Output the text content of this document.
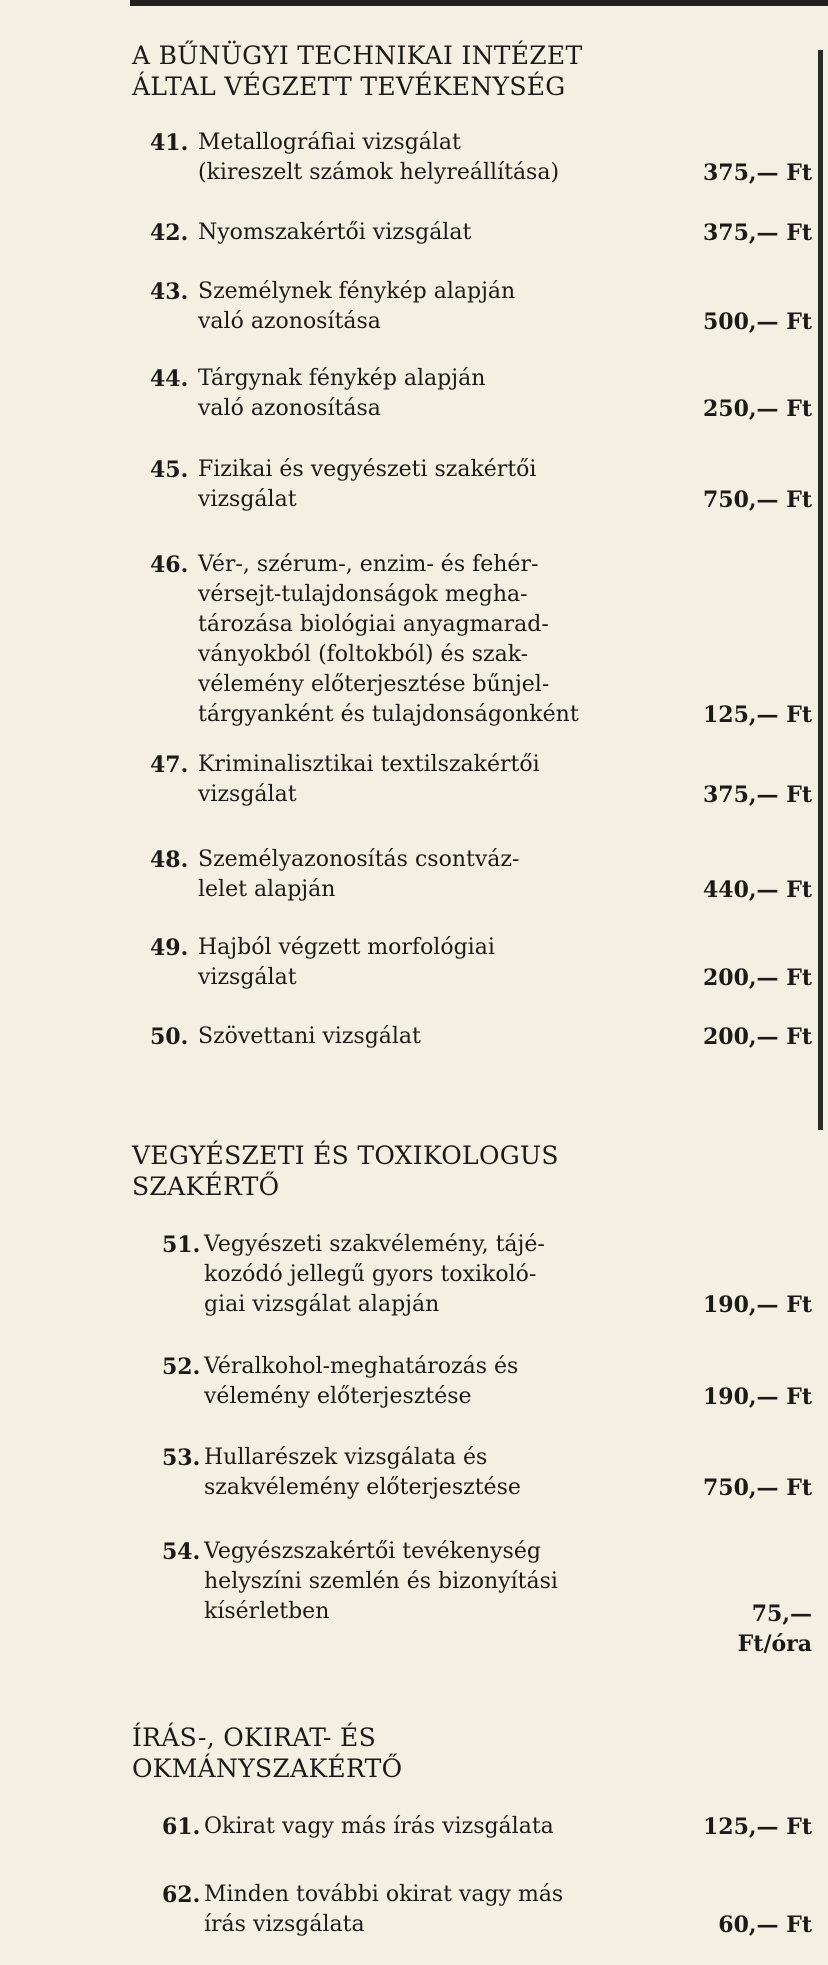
A BŰNÜGYI TECHNIKAI INTÉZET
ÁLTAL VÉGZETT TEVÉKENYSÉG
41. Metallográfiai vizsgálat
(kireszelt számok helyreállítása)	375,— Ft
42. Nyomszakértői vizsgálat	375,— Ft
43. Személynek fénykép alapján
való azonosítása	500,— Ft
44. Tárgynak fénykép alapján
való azonosítása	250,— Ft
45. Fizikai és vegyészeti szakértői
vizsgálat	750,— Ft
46. Vér-, szérum-, enzim- és fehér-
vérsejt-tulajdonságok megha-
tározása biológiai anyagmarad-
ványokból (foltokból) és szak-
vélemény előterjesztése bűnjel-
tárgyanként és tulajdonságonként	125,— Ft
47. Kriminalisztikai textilszakértői
vizsgálat	375,— Ft
48. Személyazonosítás csontváz-
lelet alapján	440,— Ft
49. Hajból végzett morfológiai
vizsgálat	200,— Ft
50. Szövettani vizsgálat	200,— Ft
VEGYÉSZETI ÉS TOXIKOLOGUS
SZAKÉRTŐ
51. Vegyészeti szakvélemény, tájé-
kozódó jellegű gyors toxikoló-
giai vizsgálat alapján	190,— Ft
52. Véralkohol-meghatározás és
vélemény előterjesztése	190,— Ft
53. Hullarészek vizsgálata és
szakvélemény előterjesztése	750,— Ft
54. Vegyészszakértői tevékenység
helyszíni szemlén és bizonyítási
kísérletben	75,—
Ft/óra
ÍRÁS-, OKIRAT- ÉS
OKMÁNYSZAKÉRTŐ
61. Okirat vagy más írás vizsgálata	125,— Ft
62. Minden további okirat vagy más
írás vizsgálata	60,— Ft
